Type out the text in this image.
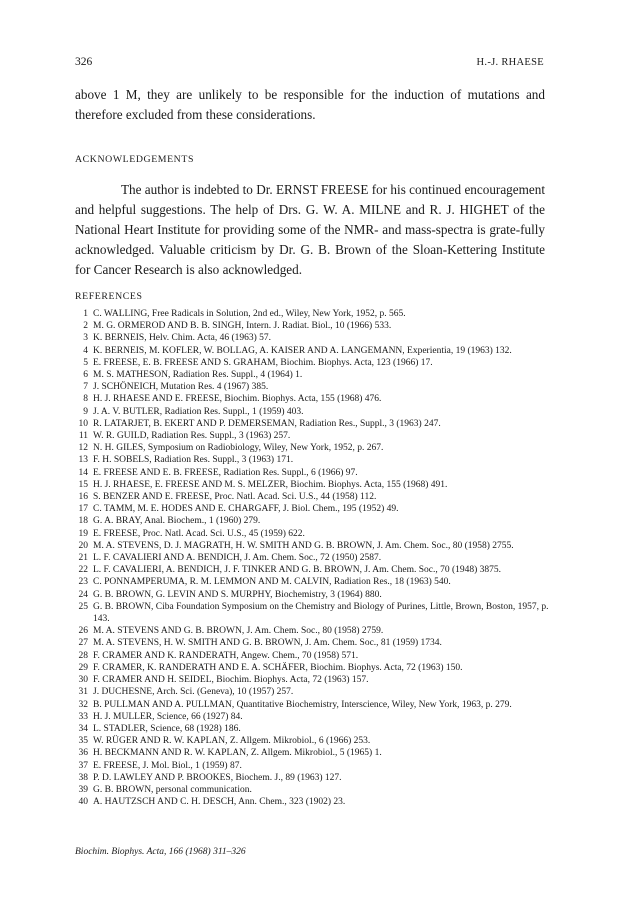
326	H.-J. RHAESE
above 1 M, they are unlikely to be responsible for the induction of mutations and therefore excluded from these considerations.
ACKNOWLEDGEMENTS
The author is indebted to Dr. ERNST FREESE for his continued encouragement and helpful suggestions. The help of Drs. G. W. A. MILNE and R. J. HIGHET of the National Heart Institute for providing some of the NMR- and mass-spectra is grate-fully acknowledged. Valuable criticism by Dr. G. B. Brown of the Sloan-Kettering Institute for Cancer Research is also acknowledged.
REFERENCES
1 C. WALLING, Free Radicals in Solution, 2nd ed., Wiley, New York, 1952, p. 565.
2 M. G. ORMEROD AND B. B. SINGH, Intern. J. Radiat. Biol., 10 (1966) 533.
3 K. BERNEIS, Helv. Chim. Acta, 46 (1963) 57.
4 K. BERNEIS, M. KOFLER, W. BOLLAG, A. KAISER AND A. LANGEMANN, Experientia, 19 (1963) 132.
5 E. FREESE, E. B. FREESE AND S. GRAHAM, Biochim. Biophys. Acta, 123 (1966) 17.
6 M. S. MATHESON, Radiation Res. Suppl., 4 (1964) 1.
7 J. SCHÖNEICH, Mutation Res. 4 (1967) 385.
8 H. J. RHAESE AND E. FREESE, Biochim. Biophys. Acta, 155 (1968) 476.
9 J. A. V. BUTLER, Radiation Res. Suppl., 1 (1959) 403.
10 R. LATARJET, B. EKERT AND P. DEMERSEMAN, Radiation Res., Suppl., 3 (1963) 247.
11 W. R. GUILD, Radiation Res. Suppl., 3 (1963) 257.
12 N. H. GILES, Symposium on Radiobiology, Wiley, New York, 1952, p. 267.
13 F. H. SOBELS, Radiation Res. Suppl., 3 (1963) 171.
14 E. FREESE AND E. B. FREESE, Radiation Res. Suppl., 6 (1966) 97.
15 H. J. RHAESE, E. FREESE AND M. S. MELZER, Biochim. Biophys. Acta, 155 (1968) 491.
16 S. BENZER AND E. FREESE, Proc. Natl. Acad. Sci. U.S., 44 (1958) 112.
17 C. TAMM, M. E. HODES AND E. CHARGAFF, J. Biol. Chem., 195 (1952) 49.
18 G. A. BRAY, Anal. Biochem., 1 (1960) 279.
19 E. FREESE, Proc. Natl. Acad. Sci. U.S., 45 (1959) 622.
20 M. A. STEVENS, D. J. MAGRATH, H. W. SMITH AND G. B. BROWN, J. Am. Chem. Soc., 80 (1958) 2755.
21 L. F. CAVALIERI AND A. BENDICH, J. Am. Chem. Soc., 72 (1950) 2587.
22 L. F. CAVALIERI, A. BENDICH, J. F. TINKER AND G. B. BROWN, J. Am. Chem. Soc., 70 (1948) 3875.
23 C. PONNAMPERUMA, R. M. LEMMON AND M. CALVIN, Radiation Res., 18 (1963) 540.
24 G. B. BROWN, G. LEVIN AND S. MURPHY, Biochemistry, 3 (1964) 880.
25 G. B. BROWN, Ciba Foundation Symposium on the Chemistry and Biology of Purines, Little, Brown, Boston, 1957, p. 143.
26 M. A. STEVENS AND G. B. BROWN, J. Am. Chem. Soc., 80 (1958) 2759.
27 M. A. STEVENS, H. W. SMITH AND G. B. BROWN, J. Am. Chem. Soc., 81 (1959) 1734.
28 F. CRAMER AND K. RANDERATH, Angew. Chem., 70 (1958) 571.
29 F. CRAMER, K. RANDERATH AND E. A. SCHÄFER, Biochim. Biophys. Acta, 72 (1963) 150.
30 F. CRAMER AND H. SEIDEL, Biochim. Biophys. Acta, 72 (1963) 157.
31 J. DUCHESNE, Arch. Sci. (Geneva), 10 (1957) 257.
32 B. PULLMAN AND A. PULLMAN, Quantitative Biochemistry, Interscience, Wiley, New York, 1963, p. 279.
33 H. J. MULLER, Science, 66 (1927) 84.
34 L. STADLER, Science, 68 (1928) 186.
35 W. RÜGER AND R. W. KAPLAN, Z. Allgem. Mikrobiol., 6 (1966) 253.
36 H. BECKMANN AND R. W. KAPLAN, Z. Allgem. Mikrobiol., 5 (1965) 1.
37 E. FREESE, J. Mol. Biol., 1 (1959) 87.
38 P. D. LAWLEY AND P. BROOKES, Biochem. J., 89 (1963) 127.
39 G. B. BROWN, personal communication.
40 A. HAUTZSCH AND C. H. DESCH, Ann. Chem., 323 (1902) 23.
Biochim. Biophys. Acta, 166 (1968) 311–326
